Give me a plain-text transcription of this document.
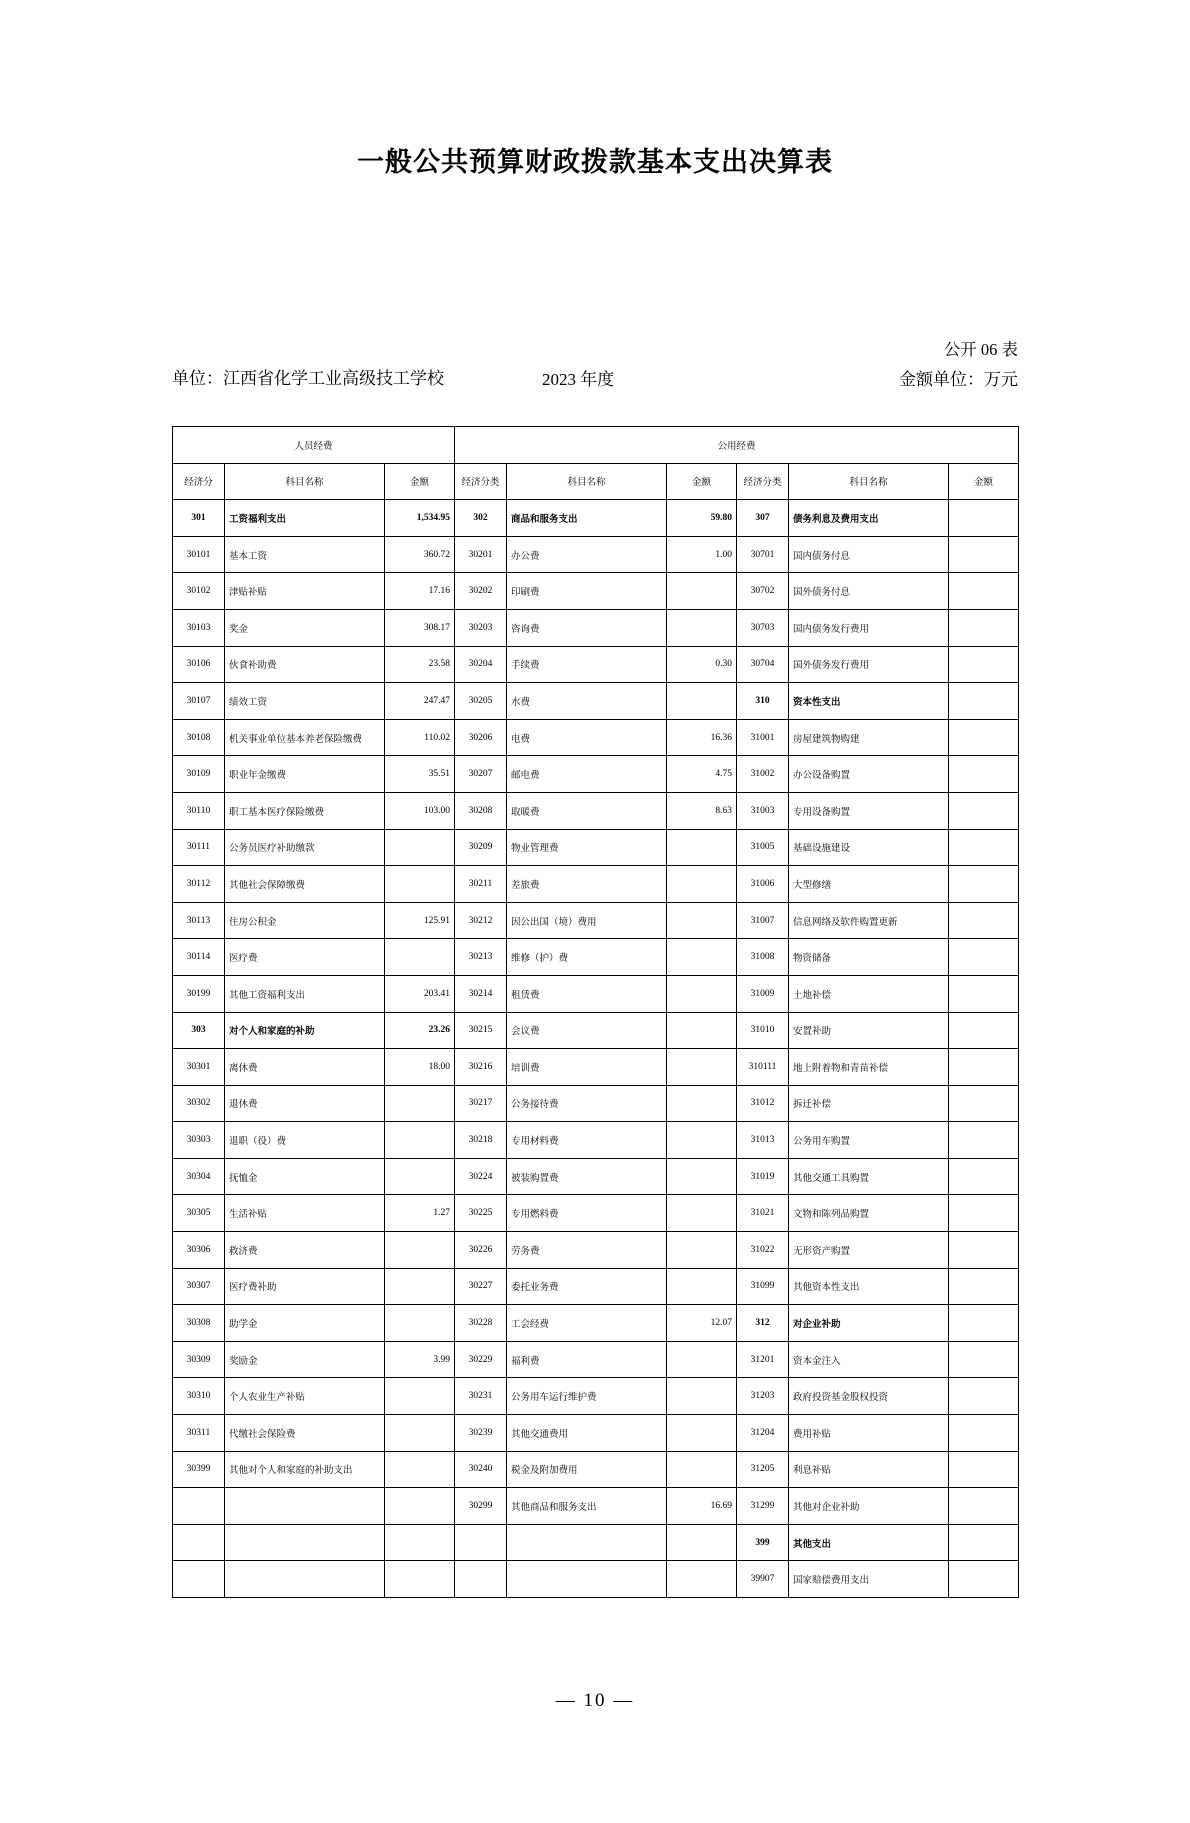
一般公共预算财政拨款基本支出决算表
公开 06 表
单位：江西省化学工业高级技工学校	2023 年度	金额单位：万元
人员经费			公用经费					
经济分	科目名称	金额	经济分类	科目名称	金额	经济分类	科目名称	金额
301	工资福利支出	1,534.95	302	商品和服务支出	59.80	307	债务利息及费用支出	
30101	基本工资	360.72	30201	办公费	1.00	30701	国内债务付息	
30102	津贴补贴	17.16	30202	印刷费		30702	国外债务付息	
30103	奖金	308.17	30203	咨询费		30703	国内债务发行费用	
30106	伙食补助费	23.58	30204	手续费	0.30	30704	国外债务发行费用	
30107	绩效工资	247.47	30205	水费		310	资本性支出	
30108	机关事业单位基本养老保险缴费	110.02	30206	电费	16.36	31001	房屋建筑物购建	
30109	职业年金缴费	35.51	30207	邮电费	4.75	31002	办公设备购置	
30110	职工基本医疗保险缴费	103.00	30208	取暖费	8.63	31003	专用设备购置	
30111	公务员医疗补助缴款		30209	物业管理费		31005	基础设施建设	
30112	其他社会保障缴费		30211	差旅费		31006	大型修缮	
30113	住房公积金	125.91	30212	因公出国（境）费用		31007	信息网络及软件购置更新	
30114	医疗费		30213	维修（护）费		31008	物资储备	
30199	其他工资福利支出	203.41	30214	租赁费		31009	土地补偿	
303	对个人和家庭的补助	23.26	30215	会议费		31010	安置补助	
30301	离休费	18.00	30216	培训费		310111	地上附着物和青苗补偿	
30302	退休费		30217	公务接待费		31012	拆迁补偿	
30303	退职（役）费		30218	专用材料费		31013	公务用车购置	
30304	抚恤金		30224	被装购置费		31019	其他交通工具购置	
30305	生活补贴	1.27	30225	专用燃料费		31021	文物和陈列品购置	
30306	救济费		30226	劳务费		31022	无形资产购置	
30307	医疗费补助		30227	委托业务费		31099	其他资本性支出	
30308	助学金		30228	工会经费	12.07	312	对企业补助	
30309	奖励金	3.99	30229	福利费		31201	资本金注入	
30310	个人农业生产补贴		30231	公务用车运行维护费		31203	政府投资基金股权投资	
30311	代缴社会保险费		30239	其他交通费用		31204	费用补贴	
30399	其他对个人和家庭的补助支出		30240	税金及附加费用		31205	利息补贴	
			30299	其他商品和服务支出	16.69	31299	其他对企业补助	
						399	其他支出	
						39907	国家赔偿费用支出	
— 10 —
